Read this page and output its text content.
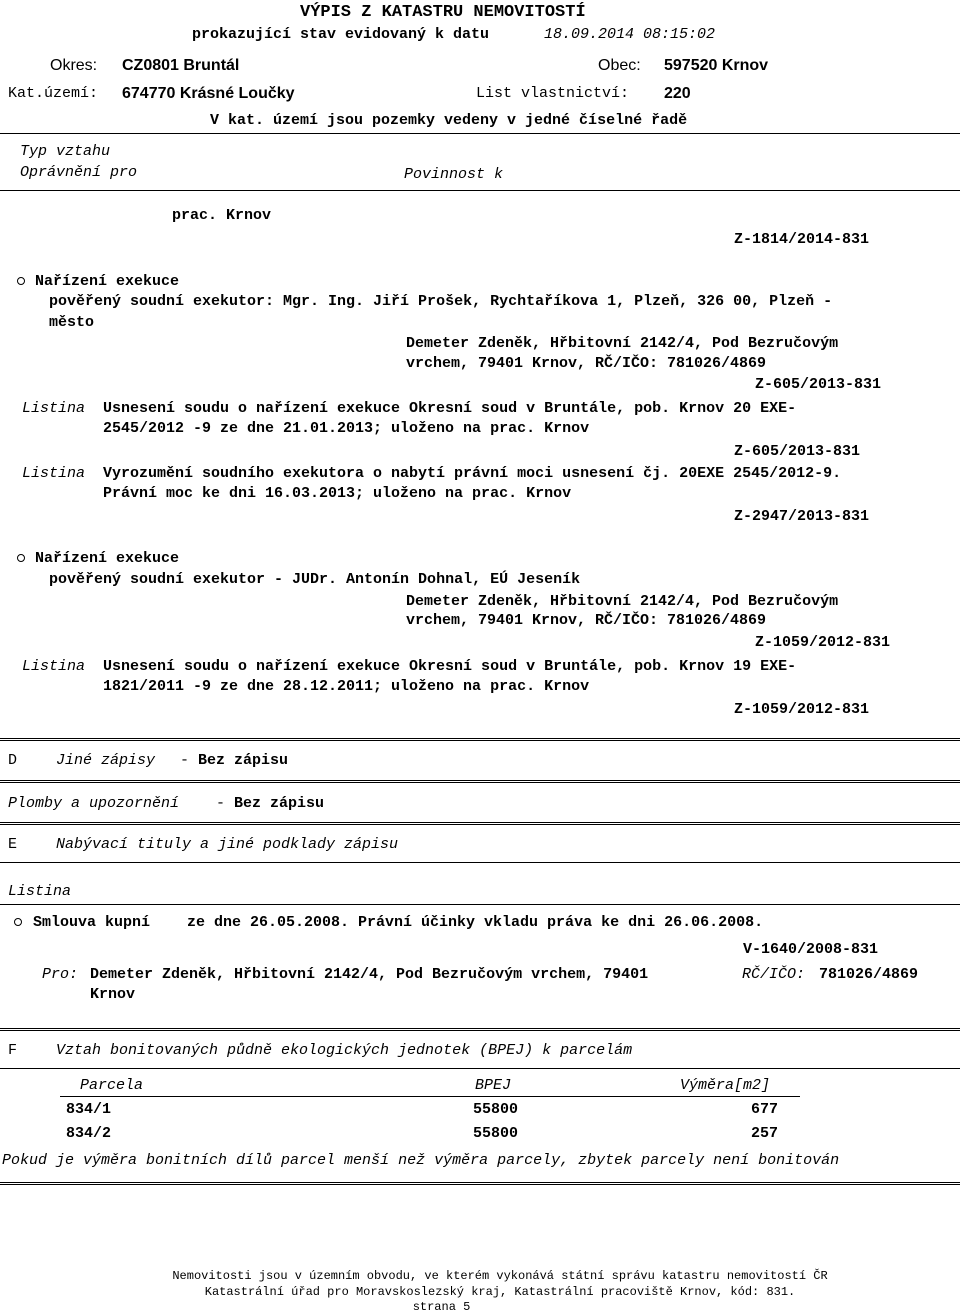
VÝPIS Z KATASTRU NEMOVITOSTÍ
prokazující stav evidovaný k datu	18.09.2014 08:15:02
Okres: CZ0801 Bruntál	Obec: 597520 Krnov
Kat.území: 674770 Krásné Loučky	List vlastnictví: 220
V kat. území jsou pozemky vedeny v jedné číselné řadě
Typ vztahu
Oprávnění pro	Povinnost k
prac. Krnov
Z-1814/2014-831
Nařízení exekuce
pověřený soudní exekutor: Mgr. Ing. Jiří Prošek, Rychtaříkova 1, Plzeň, 326 00, Plzeň -
město
Demeter Zdeněk, Hřbitovní 2142/4, Pod Bezručovým
vrchem, 79401 Krnov, RČ/IČO: 781026/4869
Z-605/2013-831
Listina Usnesení soudu o nařízení exekuce Okresní soud v Bruntále, pob. Krnov 20 EXE-
2545/2012 -9 ze dne 21.01.2013; uloženo na prac. Krnov
Z-605/2013-831
Listina Vyrozumění soudního exekutora o nabytí právní moci usnesení čj. 20EXE 2545/2012-9.
Právní moc ke dni 16.03.2013; uloženo na prac. Krnov
Z-2947/2013-831
Nařízení exekuce
pověřený soudní exekutor - JUDr. Antonín Dohnal, EÚ Jeseník
Demeter Zdeněk, Hřbitovní 2142/4, Pod Bezručovým
vrchem, 79401 Krnov, RČ/IČO: 781026/4869
Z-1059/2012-831
Listina Usnesení soudu o nařízení exekuce Okresní soud v Bruntále, pob. Krnov 19 EXE-
1821/2011 -9 ze dne 28.12.2011; uloženo na prac. Krnov
Z-1059/2012-831
D	Jiné zápisy - Bez zápisu
Plomby a upozornění - Bez zápisu
E	Nabývací tituly a jiné podklady zápisu
Listina
Smlouva kupní ze dne 26.05.2008. Právní účinky vkladu práva ke dni 26.06.2008.
V-1640/2008-831
Pro: Demeter Zdeněk, Hřbitovní 2142/4, Pod Bezručovým vrchem, 79401
Krnov
RČ/IČO: 781026/4869
F	Vztah bonitovaných půdně ekologických jednotek (BPEJ) k parcelám
Parcela	BPEJ	Výměra[m2]
834/1	55800	677
834/2	55800	257
Pokud je výměra bonitních dílů parcel menší než výměra parcely, zbytek parcely není bonitován
Nemovitosti jsou v územním obvodu, ve kterém vykonává státní správu katastru nemovitostí ČR
Katastrální úřad pro Moravskoslezský kraj, Katastrální pracoviště Krnov, kód: 831.
strana 5
